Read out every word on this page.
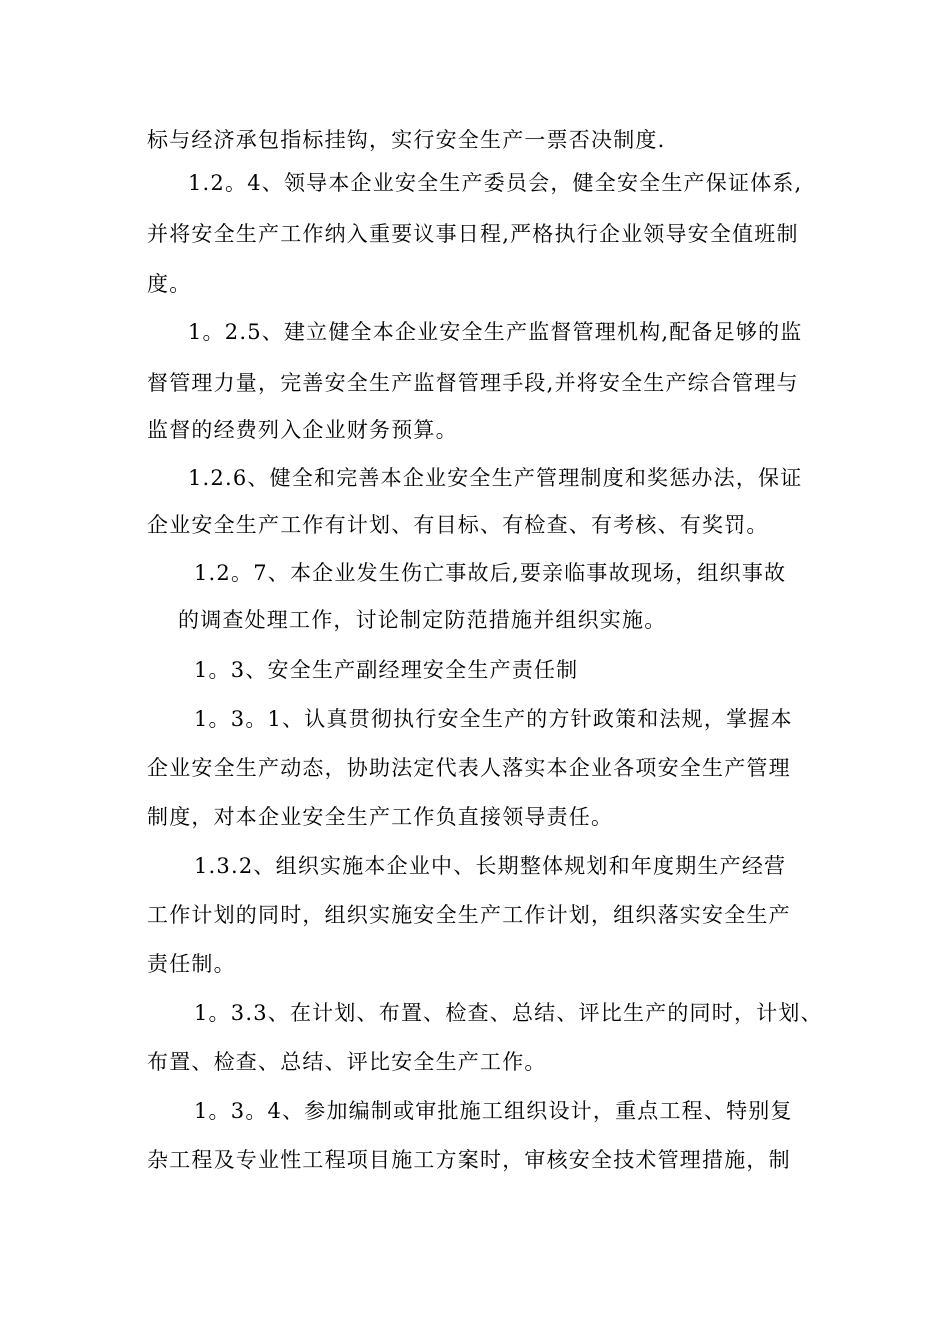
标与经济承包指标挂钩，实行安全生产一票否决制度.
1.2。4、领导本企业安全生产委员会，健全安全生产保证体系,
并将安全生产工作纳入重要议事日程,严格执行企业领导安全值班制
度。
1。2.5、建立健全本企业安全生产监督管理机构,配备足够的监
督管理力量，完善安全生产监督管理手段,并将安全生产综合管理与
监督的经费列入企业财务预算。
1.2.6、健全和完善本企业安全生产管理制度和奖惩办法，保证
企业安全生产工作有计划、有目标、有检查、有考核、有奖罚。
1.2。7、本企业发生伤亡事故后,要亲临事故现场，组织事故
的调查处理工作，讨论制定防范措施并组织实施。
1。3、安全生产副经理安全生产责任制
1。3。1、认真贯彻执行安全生产的方针政策和法规，掌握本
企业安全生产动态，协助法定代表人落实本企业各项安全生产管理
制度，对本企业安全生产工作负直接领导责任。
1.3.2、组织实施本企业中、长期整体规划和年度期生产经营
工作计划的同时，组织实施安全生产工作计划，组织落实安全生产
责任制。
1。3.3、在计划、布置、检查、总结、评比生产的同时，计划、
布置、检查、总结、评比安全生产工作。
1。3。4、参加编制或审批施工组织设计，重点工程、特别复
杂工程及专业性工程项目施工方案时，审核安全技术管理措施，制
